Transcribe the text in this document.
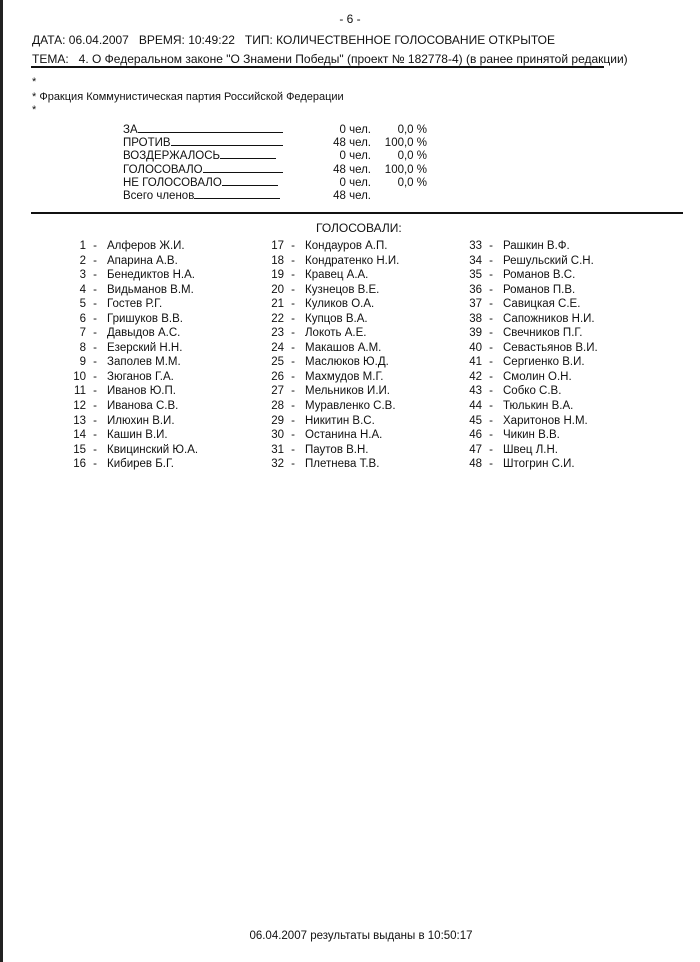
- 6 -
ДАТА: 06.04.2007   ВРЕМЯ: 10:49:22   ТИП: КОЛИЧЕСТВЕННОЕ ГОЛОСОВАНИЕ ОТКРЫТОЕ
ТЕМА:   4. О Федеральном законе "О Знамени Победы" (проект № 182778-4) (в ранее принятой редакции)
*
* Фракция Коммунистическая партия Российской Федерации
*
ЗА	0 чел.	0,0 %
ПРОТИВ	48 чел.	100,0 %
ВОЗДЕРЖАЛОСЬ	0 чел.	0,0 %
ГОЛОСОВАЛО	48 чел.	100,0 %
НЕ ГОЛОСОВАЛО	0 чел.	0,0 %
Всего членов	48 чел.
ГОЛОСОВАЛИ:
1 - Алферов Ж.И.
2 - Апарина А.В.
3 - Бенедиктов Н.А.
4 - Видьманов В.М.
5 - Гостев Р.Г.
6 - Гришуков В.В.
7 - Давыдов А.С.
8 - Езерский Н.Н.
9 - Заполев М.М.
10 - Зюганов Г.А.
11 - Иванов Ю.П.
12 - Иванова С.В.
13 - Илюхин В.И.
14 - Кашин В.И.
15 - Квицинский Ю.А.
16 - Кибирев Б.Г.
17 - Кондауров А.П.
18 - Кондратенко Н.И.
19 - Кравец А.А.
20 - Кузнецов В.Е.
21 - Куликов О.А.
22 - Купцов В.А.
23 - Локоть А.Е.
24 - Макашов А.М.
25 - Маслюков Ю.Д.
26 - Махмудов М.Г.
27 - Мельников И.И.
28 - Муравленко С.В.
29 - Никитин В.С.
30 - Останина Н.А.
31 - Паутов В.Н.
32 - Плетнева Т.В.
33 - Рашкин В.Ф.
34 - Решульский С.Н.
35 - Романов В.С.
36 - Романов П.В.
37 - Савицкая С.Е.
38 - Сапожников Н.И.
39 - Свечников П.Г.
40 - Севастьянов В.И.
41 - Сергиенко В.И.
42 - Смолин О.Н.
43 - Собко С.В.
44 - Тюлькин В.А.
45 - Харитонов Н.М.
46 - Чикин В.В.
47 - Швец Л.Н.
48 - Штогрин С.И.
06.04.2007 результаты выданы в 10:50:17
